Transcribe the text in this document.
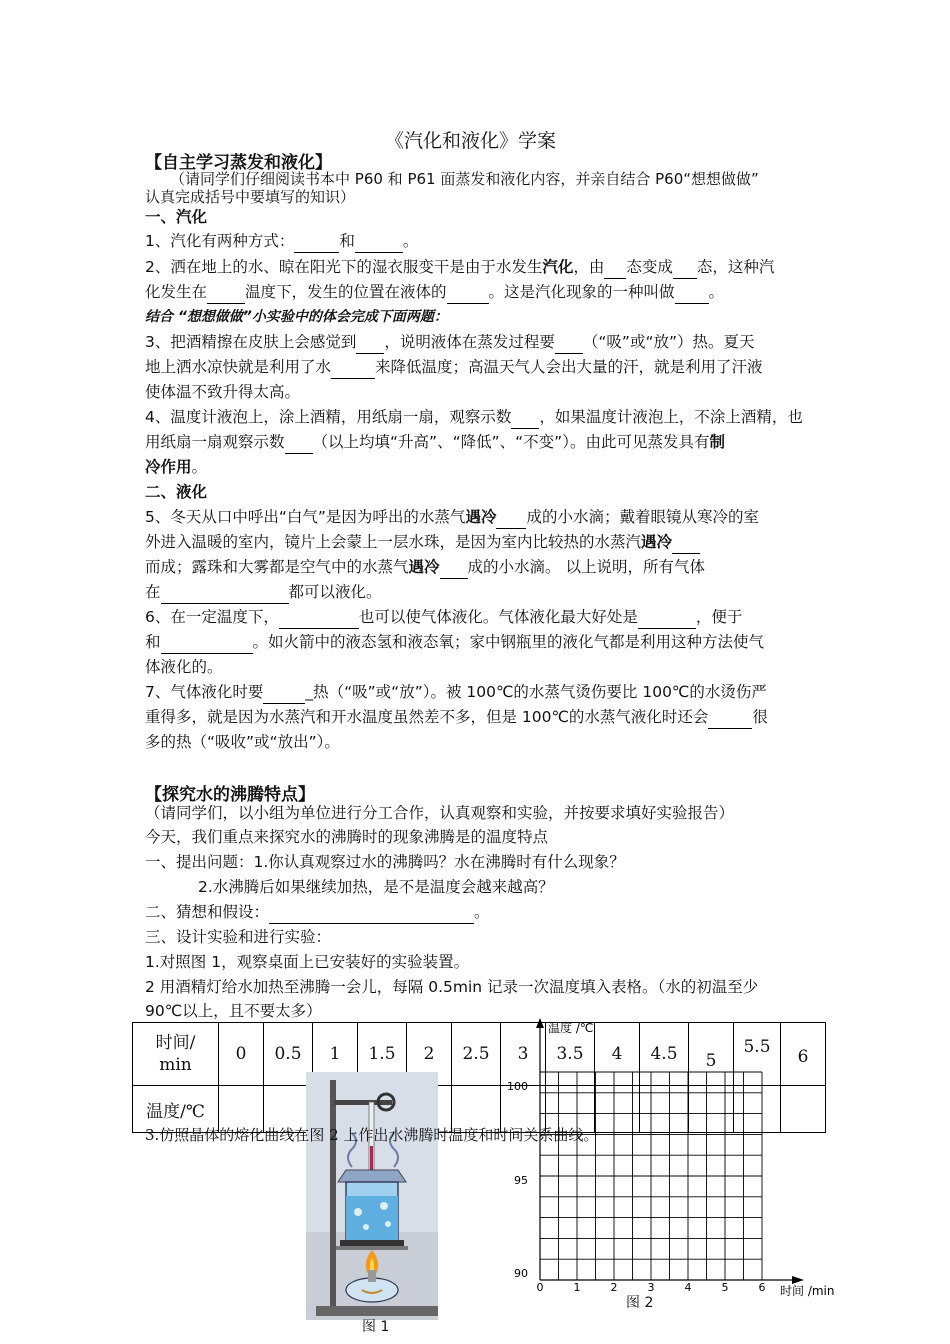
《汽化和液化》学案
【自主学习蒸发和液化】
（请同学们仔细阅读书本中 P60 和 P61 面蒸发和液化内容，并亲自结合 P60“想想做做”
认真完成括号中要填写的知识）
一、汽化
1、汽化有两种方式：	和	。
2、洒在地上的水、晾在阳光下的湿衣服变干是由于水发生汽化，由 态变成 态，这种汽
化发生在 温度下，发生的位置在液体的	。这是汽化现象的一种叫做 。
结合 “想想做做”小实验中的体会完成下面两题：
3、把酒精擦在皮肤上会感觉到 ，说明液体在蒸发过程要 （“吸”或“放”）热。夏天
地上洒水凉快就是利用了水	来降低温度；高温天气人会出大量的汗，就是利用了汗液
使体温不致升得太高。
4、温度计液泡上，涂上酒精，用纸扇一扇，观察示数 ，如果温度计液泡上，不涂上酒精，也
用纸扇一扇观察示数 （以上均填“升高”、“降低”、“不变”）。由此可见蒸发具有制
冷作用。
二、液化
5、冬天从口中呼出“白气”是因为呼出的水蒸气遇冷 成的小水滴；戴着眼镜从寒冷的室
外进入温暖的室内，镜片上会蒙上一层水珠，是因为室内比较热的水蒸汽遇冷
而成；露珠和大雾都是空气中的水蒸气遇冷 成的小水滴。 以上说明，所有气体
在	都可以液化。
6、在一定温度下，	也可以使气体液化。气体液化最大好处是	，便于
和	。如火箭中的液态氢和液态氧；家中钢瓶里的液化气都是利用这种方法使气
体液化的。
7、气体液化时要	_热（“吸”或“放”）。被 100℃的水蒸气烫伤要比 100℃的水烫伤严
重得多，就是因为水蒸汽和开水温度虽然差不多，但是 100℃的水蒸气液化时还会	很
多的热（“吸收”或“放出”）。
【探究水的沸腾特点】
（请同学们，以小组为单位进行分工合作，认真观察和实验，并按要求填好实验报告）
今天，我们重点来探究水的沸腾时的现象沸腾是的温度特点
一、提出问题：1.你认真观察过水的沸腾吗？水在沸腾时有什么现象？
2.水沸腾后如果继续加热，是不是温度会越来越高？
二、猜想和假设：	。
三、设计实验和进行实验：
1.对照图 1，观察桌面上已安装好的实验装置。
2 用酒精灯给水加热至沸腾一会儿，每隔 0.5min 记录一次温度填入表格。（水的初温至少
90℃以上，且不要太多）
时间/
min	0	0.5	1	1.5	2	2.5	3	3.5	4	4.5	5	5.5	6
温度/℃													
图 1
温度 /℃
时间 /min
100
95
90
0	1	2	3	4	5	6
图 2
3.仿照晶体的熔化曲线在图 2 上作出水沸腾时温度和时间关系曲线。
